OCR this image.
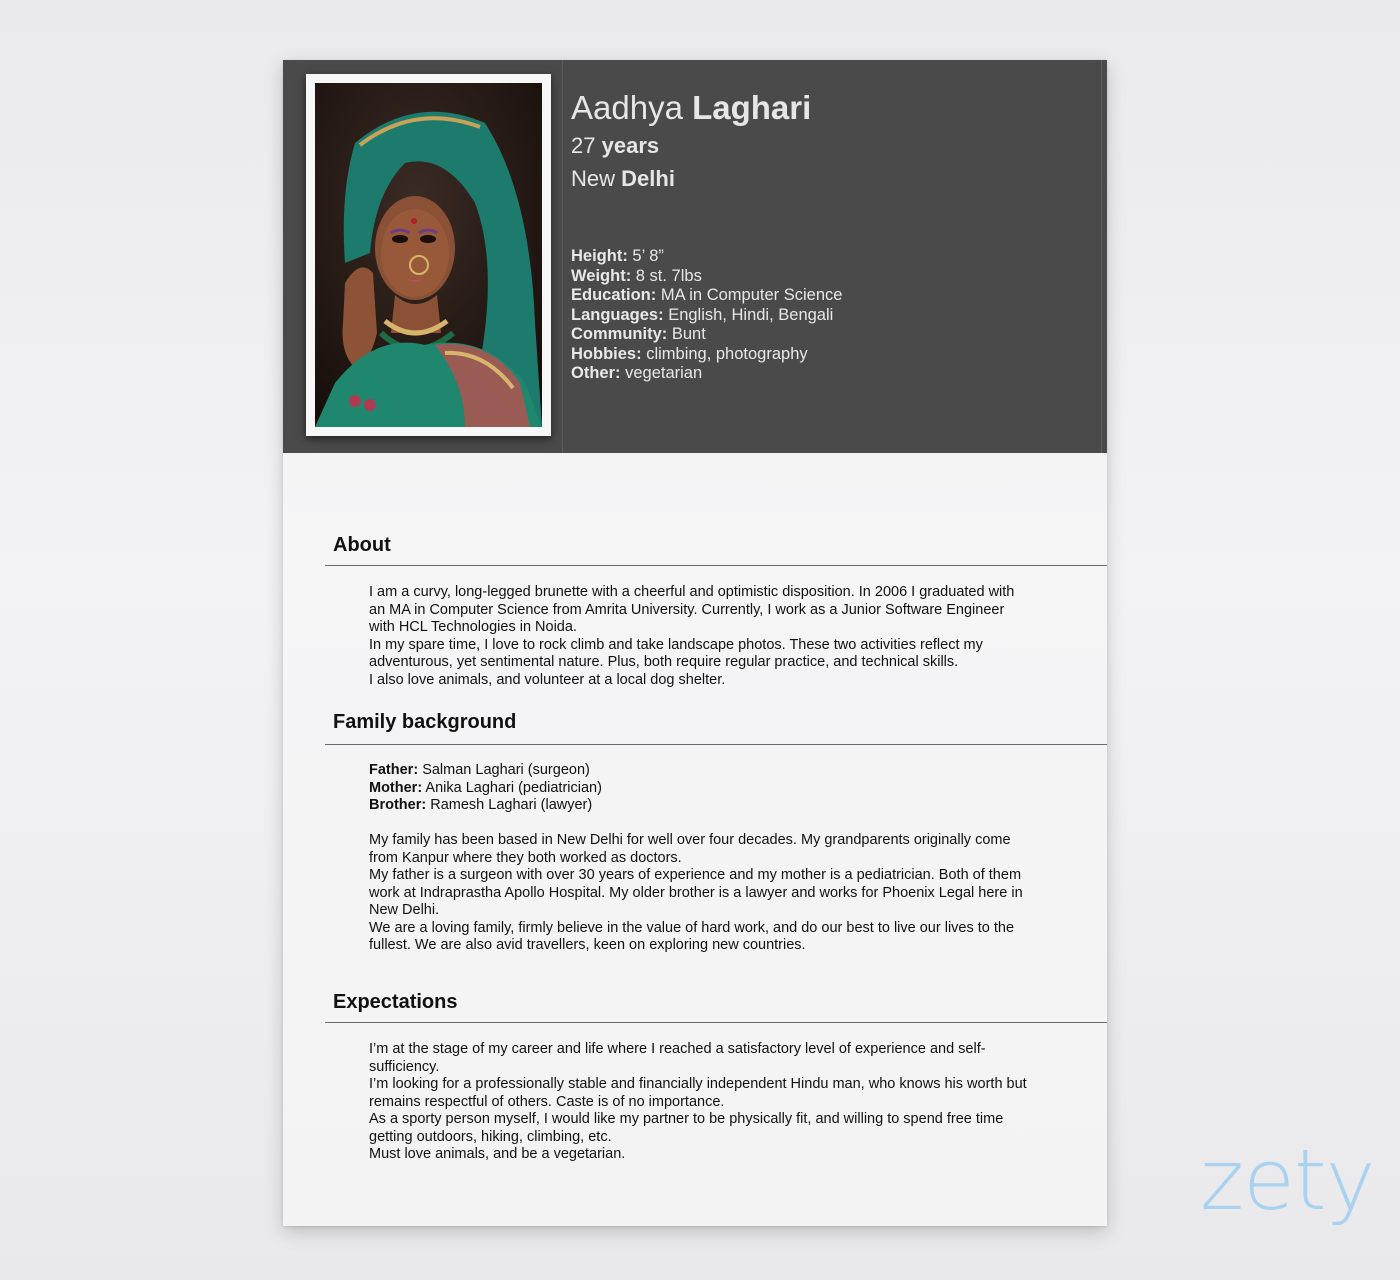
Aadhya Laghari
27 years
New Delhi
Height: 5’ 8”
Weight: 8 st. 7lbs
Education: MA in Computer Science
Languages: English, Hindi, Bengali
Community: Bunt
Hobbies: climbing, photography
Other: vegetarian
About

I am a curvy, long-legged brunette with a cheerful and optimistic disposition. In 2006 I graduated with

an MA in Computer Science from Amrita University. Currently, I work as a Junior Software Engineer

with HCL Technologies in Noida.

In my spare time, I love to rock climb and take landscape photos. These two activities reflect my

adventurous, yet sentimental nature. Plus, both require regular practice, and technical skills.

I also love animals, and volunteer at a local dog shelter.

Family background

Father: Salman Laghari (surgeon)

Mother: Anika Laghari (pediatrician)

Brother: Ramesh Laghari (lawyer)

My family has been based in New Delhi for well over four decades. My grandparents originally come

from Kanpur where they both worked as doctors.

My father is a surgeon with over 30 years of experience and my mother is a pediatrician. Both of them

work at Indraprastha Apollo Hospital. My older brother is a lawyer and works for Phoenix Legal here in

New Delhi.

We are a loving family, firmly believe in the value of hard work, and do our best to live our lives to the

fullest. We are also avid travellers, keen on exploring new countries.

Expectations

I’m at the stage of my career and life where I reached a satisfactory level of experience and self-

sufficiency.

I’m looking for a professionally stable and financially independent Hindu man, who knows his worth but

remains respectful of others. Caste is of no importance.

As a sporty person myself, I would like my partner to be physically fit, and willing to spend free time

getting outdoors, hiking, climbing, etc.

Must love animals, and be a vegetarian.	zety
